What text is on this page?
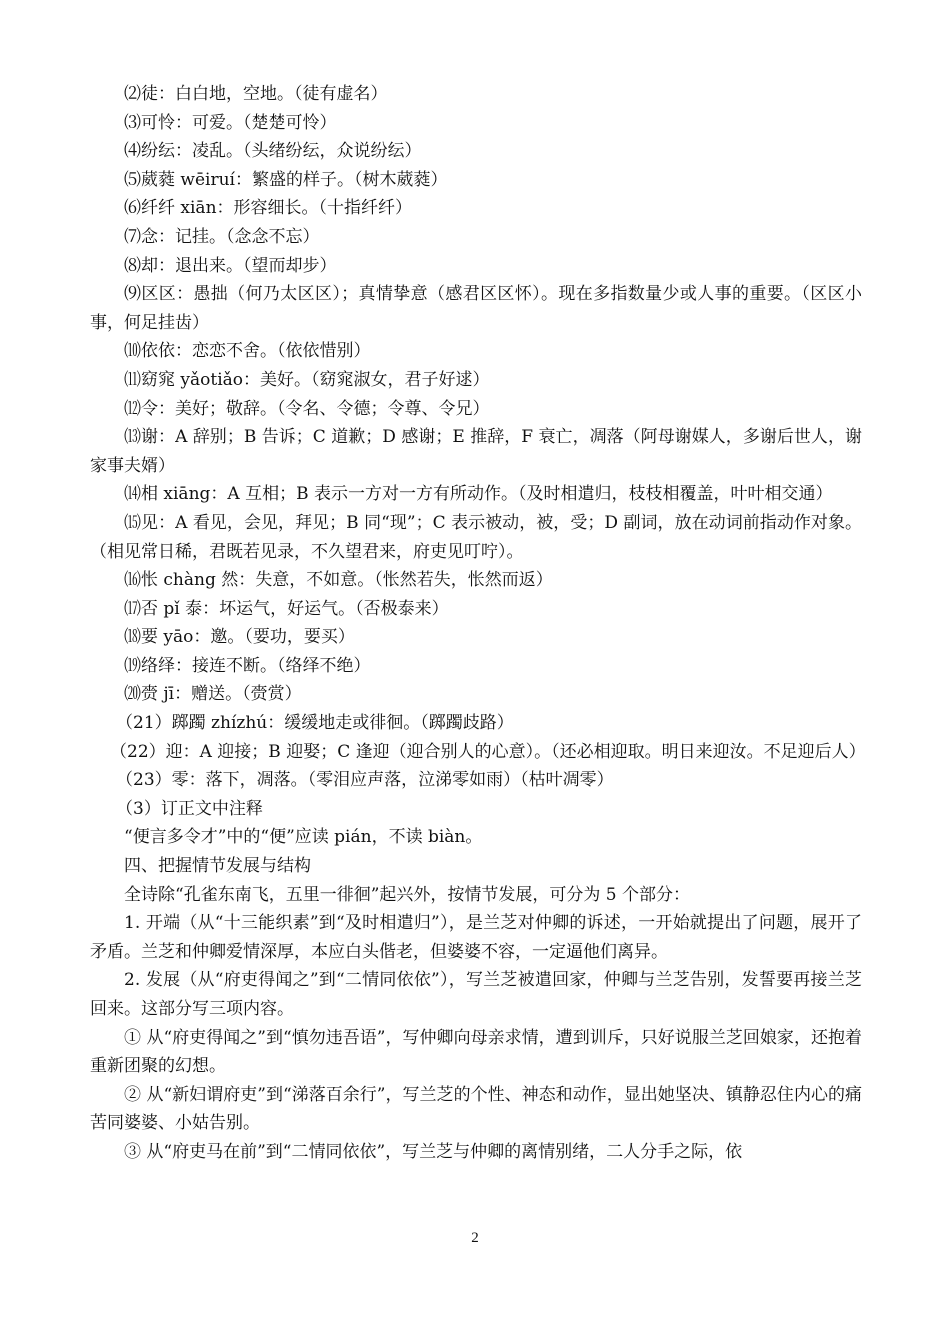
⑵徒：白白地，空地。（徒有虚名）
⑶可怜：可爱。（楚楚可怜）
⑷纷纭：凌乱。（头绪纷纭，众说纷纭）
⑸葳蕤 wēiruí：繁盛的样子。（树木葳蕤）
⑹纤纤 xiān：形容细长。（十指纤纤）
⑺念：记挂。（念念不忘）
⑻却：退出来。（望而却步）
⑼区区：愚拙（何乃太区区）；真情挚意（感君区区怀）。现在多指数量少或人事的重要。（区区小事，何足挂齿）
⑽依依：恋恋不舍。（依依惜别）
⑾窈窕 yǎotiǎo：美好。（窈窕淑女，君子好逑）
⑿令：美好；敬辞。（令名、令德；令尊、令兄）
⒀谢：A 辞别；B 告诉；C 道歉；D 感谢；E 推辞，F 衰亡，凋落（阿母谢媒人，多谢后世人，谢家事夫婿）
⒁相 xiāng：A 互相；B 表示一方对一方有所动作。（及时相遣归，枝枝相覆盖，叶叶相交通）
⒂见：A 看见，会见，拜见；B 同“现”；C 表示被动，被，受；D 副词，放在动词前指动作对象。（相见常日稀，君既若见录，不久望君来，府吏见叮咛）。
⒃怅 chàng 然：失意，不如意。（怅然若失，怅然而返）
⒄否 pǐ 泰：坏运气，好运气。（否极泰来）
⒅要 yāo：邀。（要功，要买）
⒆络绎：接连不断。（络绎不绝）
⒇赍 jī：赠送。（赍赏）
（21）踯躅 zhízhú：缓缓地走或徘徊。（踯躅歧路）
（22）迎：A 迎接；B 迎娶；C 逢迎（迎合别人的心意）。（还必相迎取。明日来迎汝。不足迎后人）
（23）零：落下，凋落。（零泪应声落，泣涕零如雨）（枯叶凋零）
（3）订正文中注释
“便言多令才”中的“便”应读 pián，不读 biàn。
四、把握情节发展与结构
全诗除“孔雀东南飞，五里一徘徊”起兴外，按情节发展，可分为 5 个部分：
1. 开端（从“十三能织素”到“及时相遣归”），是兰芝对仲卿的诉述，一开始就提出了问题，展开了矛盾。兰芝和仲卿爱情深厚，本应白头偕老，但婆婆不容，一定逼他们离异。
2. 发展（从“府吏得闻之”到“二情同依依”），写兰芝被遣回家，仲卿与兰芝告别，发誓要再接兰芝回来。这部分写三项内容。
① 从“府吏得闻之”到“慎勿违吾语”，写仲卿向母亲求情，遭到训斥，只好说服兰芝回娘家，还抱着重新团聚的幻想。
② 从“新妇谓府吏”到“涕落百余行”，写兰芝的个性、神态和动作，显出她坚决、镇静忍住内心的痛苦同婆婆、小姑告别。
③ 从“府吏马在前”到“二情同依依”，写兰芝与仲卿的离情别绪，二人分手之际，依
2
